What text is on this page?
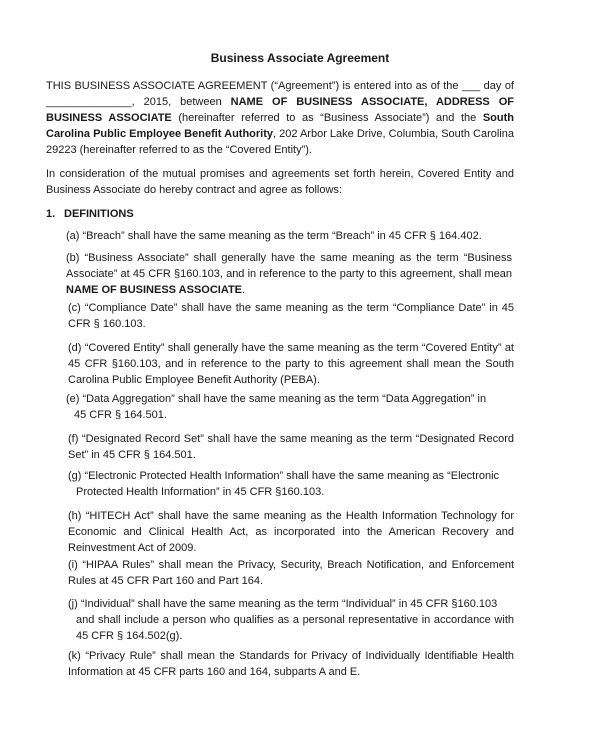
Business Associate Agreement
THIS BUSINESS ASSOCIATE AGREEMENT (“Agreement”) is entered into as of the ___ day of ______________, 2015, between NAME OF BUSINESS ASSOCIATE, ADDRESS OF BUSINESS ASSOCIATE (hereinafter referred to as “Business Associate”) and the South Carolina Public Employee Benefit Authority, 202 Arbor Lake Drive, Columbia, South Carolina 29223 (hereinafter referred to as the “Covered Entity”).
In consideration of the mutual promises and agreements set forth herein, Covered Entity and Business Associate do hereby contract and agree as follows:
1. DEFINITIONS
(a) “Breach” shall have the same meaning as the term “Breach” in 45 CFR § 164.402.
(b) “Business Associate” shall generally have the same meaning as the term “Business Associate” at 45 CFR §160.103, and in reference to the party to this agreement, shall mean NAME OF BUSINESS ASSOCIATE.
(c) “Compliance Date” shall have the same meaning as the term “Compliance Date” in 45 CFR § 160.103.
(d) “Covered Entity” shall generally have the same meaning as the term “Covered Entity” at 45 CFR §160.103, and in reference to the party to this agreement shall mean the South Carolina Public Employee Benefit Authority (PEBA).
(e) “Data Aggregation” shall have the same meaning as the term “Data Aggregation” in
45 CFR § 164.501.
(f) “Designated Record Set” shall have the same meaning as the term “Designated Record Set” in 45 CFR § 164.501.
(g) “Electronic Protected Health Information” shall have the same meaning as “Electronic
Protected Health Information” in 45 CFR §160.103.
(h) “HITECH Act” shall have the same meaning as the Health Information Technology for Economic and Clinical Health Act, as incorporated into the American Recovery and Reinvestment Act of 2009.
(i) “HIPAA Rules” shall mean the Privacy, Security, Breach Notification, and Enforcement Rules at 45 CFR Part 160 and Part 164.
(j) “Individual” shall have the same meaning as the term “Individual” in 45 CFR §160.103
and shall include a person who qualifies as a personal representative in accordance with 45 CFR § 164.502(g).
(k) “Privacy Rule” shall mean the Standards for Privacy of Individually Identifiable Health Information at 45 CFR parts 160 and 164, subparts A and E.
